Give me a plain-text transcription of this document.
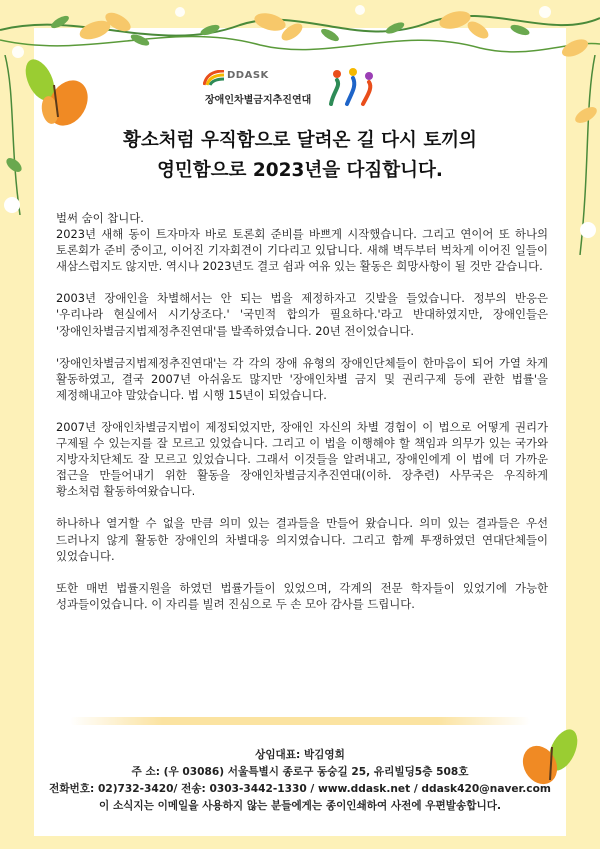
DDASK
장애인차별금지추진연대
황소처럼 우직함으로 달려온 길 다시 토끼의
영민함으로 2023년을 다짐합니다.

벌써 숨이 찹니다.
2023년 새해 동이 트자마자 바로 토론회 준비를 바쁘게 시작했습니다. 그리고 연이어 또 하나의 토론회가 준비 중이고, 이어진 기자회견이 기다리고 있답니다. 새해 벽두부터 벅차게 이어진 일들이 새삼스럽지도 않지만. 역시나 2023년도 결코 쉼과 여유 있는 활동은 희망사항이 될 것만 같습니다.

2003년 장애인을 차별해서는 안 되는 법을 제정하자고 깃발을 들었습니다. 정부의 반응은 '우리나라 현실에서 시기상조다.' '국민적 합의가 필요하다.'라고 반대하였지만, 장애인들은 '장애인차별금지법제정추진연대'를 발족하였습니다. 20년 전이었습니다.

'장애인차별금지법제정추진연대'는 각 각의 장애 유형의 장애인단체들이 한마음이 되어 가열 차게 활동하였고, 결국 2007년 아쉬움도 많지만 '장애인차별 금지 및 권리구제 등에 관한 법률'을 제정해내고야 말았습니다. 법 시행 15년이 되었습니다.

2007년 장애인차별금지법이 제정되었지만, 장애인 자신의 차별 경험이 이 법으로 어떻게 권리가 구제될 수 있는지를 잘 모르고 있었습니다. 그리고 이 법을 이행해야 할 책임과 의무가 있는 국가와 지방자치단체도 잘 모르고 있었습니다. 그래서 이것들을 알려내고, 장애인에게 이 법에 더 가까운 접근을 만들어내기 위한 활동을 장애인차별금지추진연대(이하. 장추련) 사무국은 우직하게 황소처럼 활동하여왔습니다.

하나하나 열거할 수 없을 만큼 의미 있는 결과들을 만들어 왔습니다. 의미 있는 결과들은 우선 드러나지 않게 활동한 장애인의 차별대응 의지였습니다. 그리고 함께 투쟁하였던 연대단체들이 있었습니다.

또한 매번 법률지원을 하였던 법률가들이 있었으며, 각계의 전문 학자들이 있었기에 가능한 성과들이었습니다. 이 자리를 빌려 진심으로 두 손 모아 감사를 드립니다.

상임대표: 박김영희
주 소: (우 03086) 서울특별시 종로구 동숭길 25, 유리빌딩5층 508호
전화번호: 02)732-3420/ 전송: 0303-3442-1330 / www.ddask.net / ddask420@naver.com
이 소식지는 이메일을 사용하지 않는 분들에게는 종이인쇄하여 사전에 우편발송합니다.
